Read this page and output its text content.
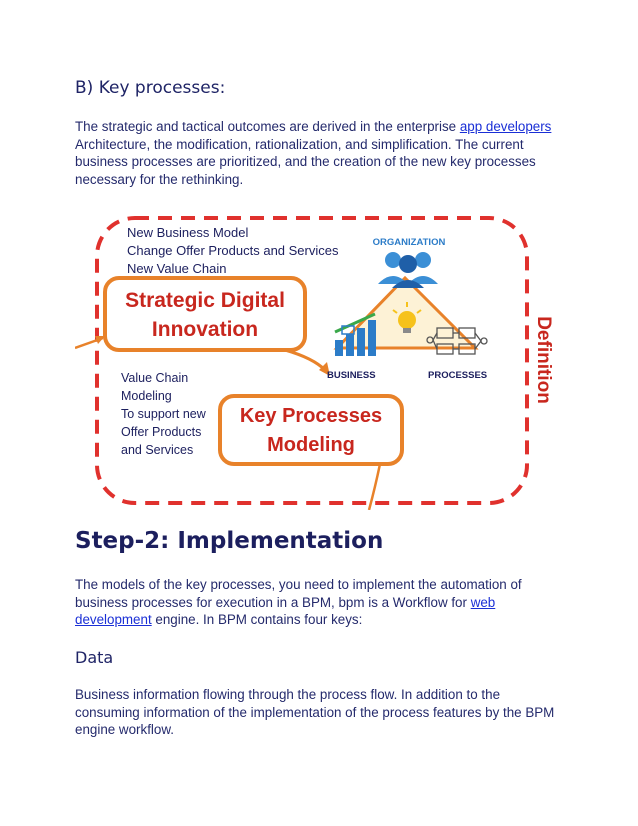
B) Key processes:
The strategic and tactical outcomes are derived in the enterprise app developers Architecture, the modification, rationalization, and simplification. The current business processes are prioritized, and the creation of the new key processes necessary for the rethinking.
New Business Model
Change Offer Products and Services
New Value Chain
Strategic Digital
Innovation
ORGANIZATION
BUSINESS	PROCESSES
Value Chain
Modeling
To support new
Offer Products
and Services
Key Processes
Modeling
Definition
Step-2: Implementation
The models of the key processes, you need to implement the automation of business processes for execution in a BPM, bpm is a Workflow for web development engine. In BPM contains four keys:
Data
Business information flowing through the process flow. In addition to the consuming information of the implementation of the process features by the BPM engine workflow.
